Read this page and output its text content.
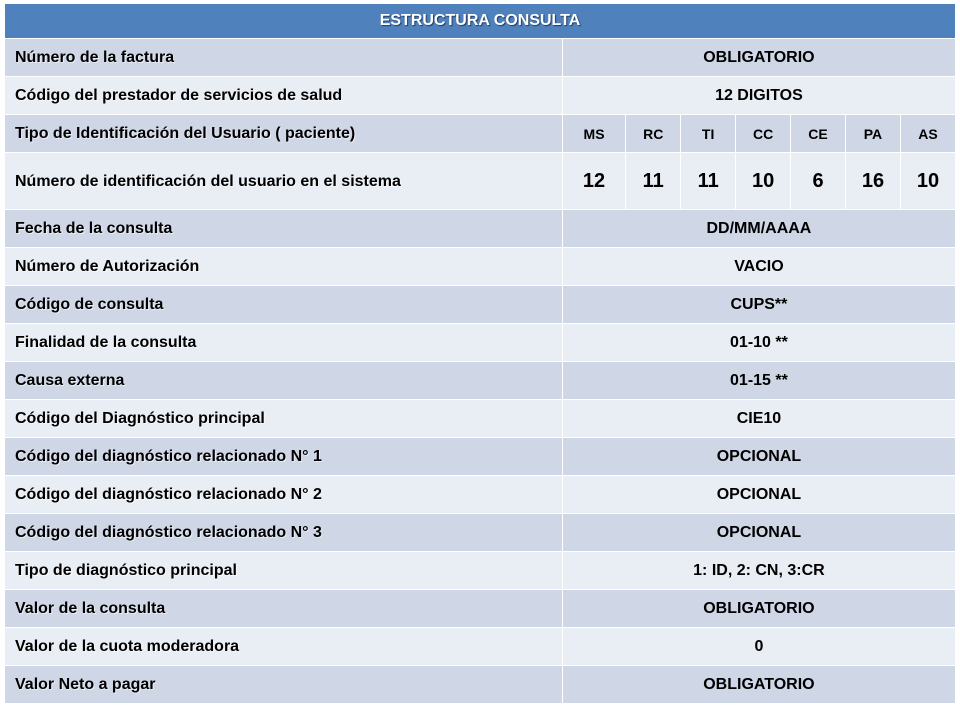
ESTRUCTURA CONSULTA							
Número de la factura	OBLIGATORIO						
Código del prestador de servicios de salud	12 DIGITOS						
Tipo de Identificación del Usuario ( paciente)	MS	RC	TI	CC	CE	PA	AS
Número de identificación del usuario en el sistema	12	11	11	10	6	16	10
Fecha de la consulta	DD/MM/AAAA						
Número de Autorización	VACIO						
Código de consulta	CUPS**						
Finalidad de la consulta	01-10 **						
Causa externa	01-15 **						
Código del Diagnóstico principal	CIE10						
Código del diagnóstico relacionado N° 1	OPCIONAL						
Código del diagnóstico relacionado N° 2	OPCIONAL						
Código del diagnóstico relacionado N° 3	OPCIONAL						
Tipo de diagnóstico principal	1: ID, 2: CN, 3:CR						
Valor de la consulta	OBLIGATORIO						
Valor de la cuota moderadora	0						
Valor Neto a pagar	OBLIGATORIO						
